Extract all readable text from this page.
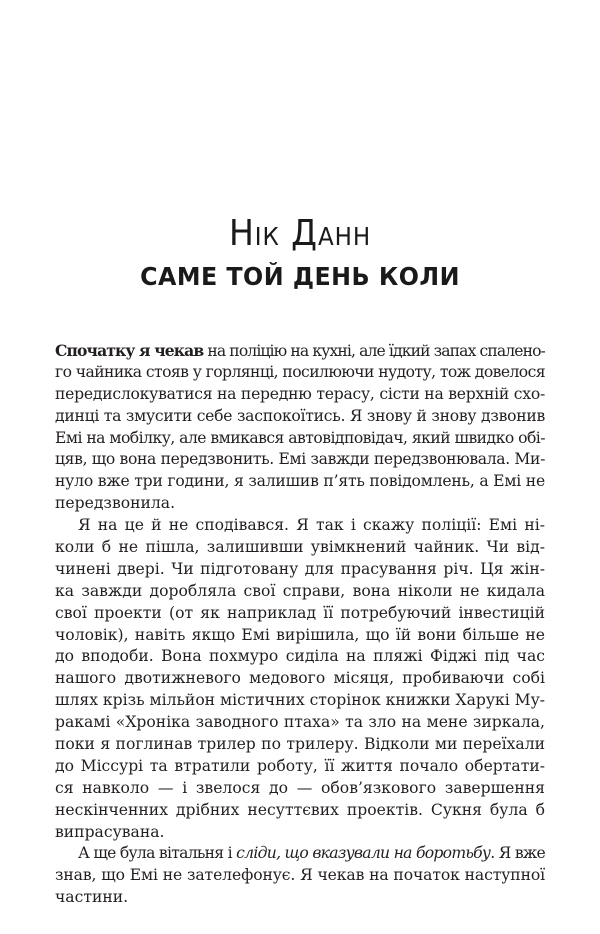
Нік Данн
САМЕ ТОЙ ДЕНЬ КОЛИ
Спочатку я чекав на поліцію на кухні, але їдкий запах спалено-
го чайника стояв у горлянці, посилюючи нудоту, тож довелося
передислокуватися на передню терасу, сісти на верхній схо-
динці та змусити себе заспокоїтись. Я знову й знову дзвонив
Емі на мобілку, але вмикався автовідповідач, який швидко обі-
цяв, що вона передзвонить. Емі завжди передзвонювала. Ми-
нуло вже три години, я залишив п’ять повідомлень, а Емі не
передзвонила.
Я на це й не сподівався. Я так і скажу поліції: Емі ні-
коли б не пішла, залишивши увімкнений чайник. Чи від-
чинені двері. Чи підготовану для прасування річ. Ця жін-
ка завжди доробляла свої справи, вона ніколи не кидала
свої проекти (от як наприклад її потребуючий інвестицій
чоловік), навіть якщо Емі вирішила, що їй вони більше не
до вподоби. Вона похмуро сиділа на пляжі Фіджі під час
нашого двотижневого медового місяця, пробиваючи собі
шлях крізь мільйон містичних сторінок книжки Харукі Му-
ракамі «Хроніка заводного птаха» та зло на мене зиркала,
поки я поглинав трилер по трилеру. Відколи ми переїхали
до Міссурі та втратили роботу, її життя почало обертати-
ся навколо — і звелося до — обов’язкового завершення
нескінченних дрібних несуттєвих проектів. Сукня була б
випрасувана.
А ще була вітальня і сліди, що вказували на боротьбу. Я вже
знав, що Емі не зателефонує. Я чекав на початок наступної
частини.
